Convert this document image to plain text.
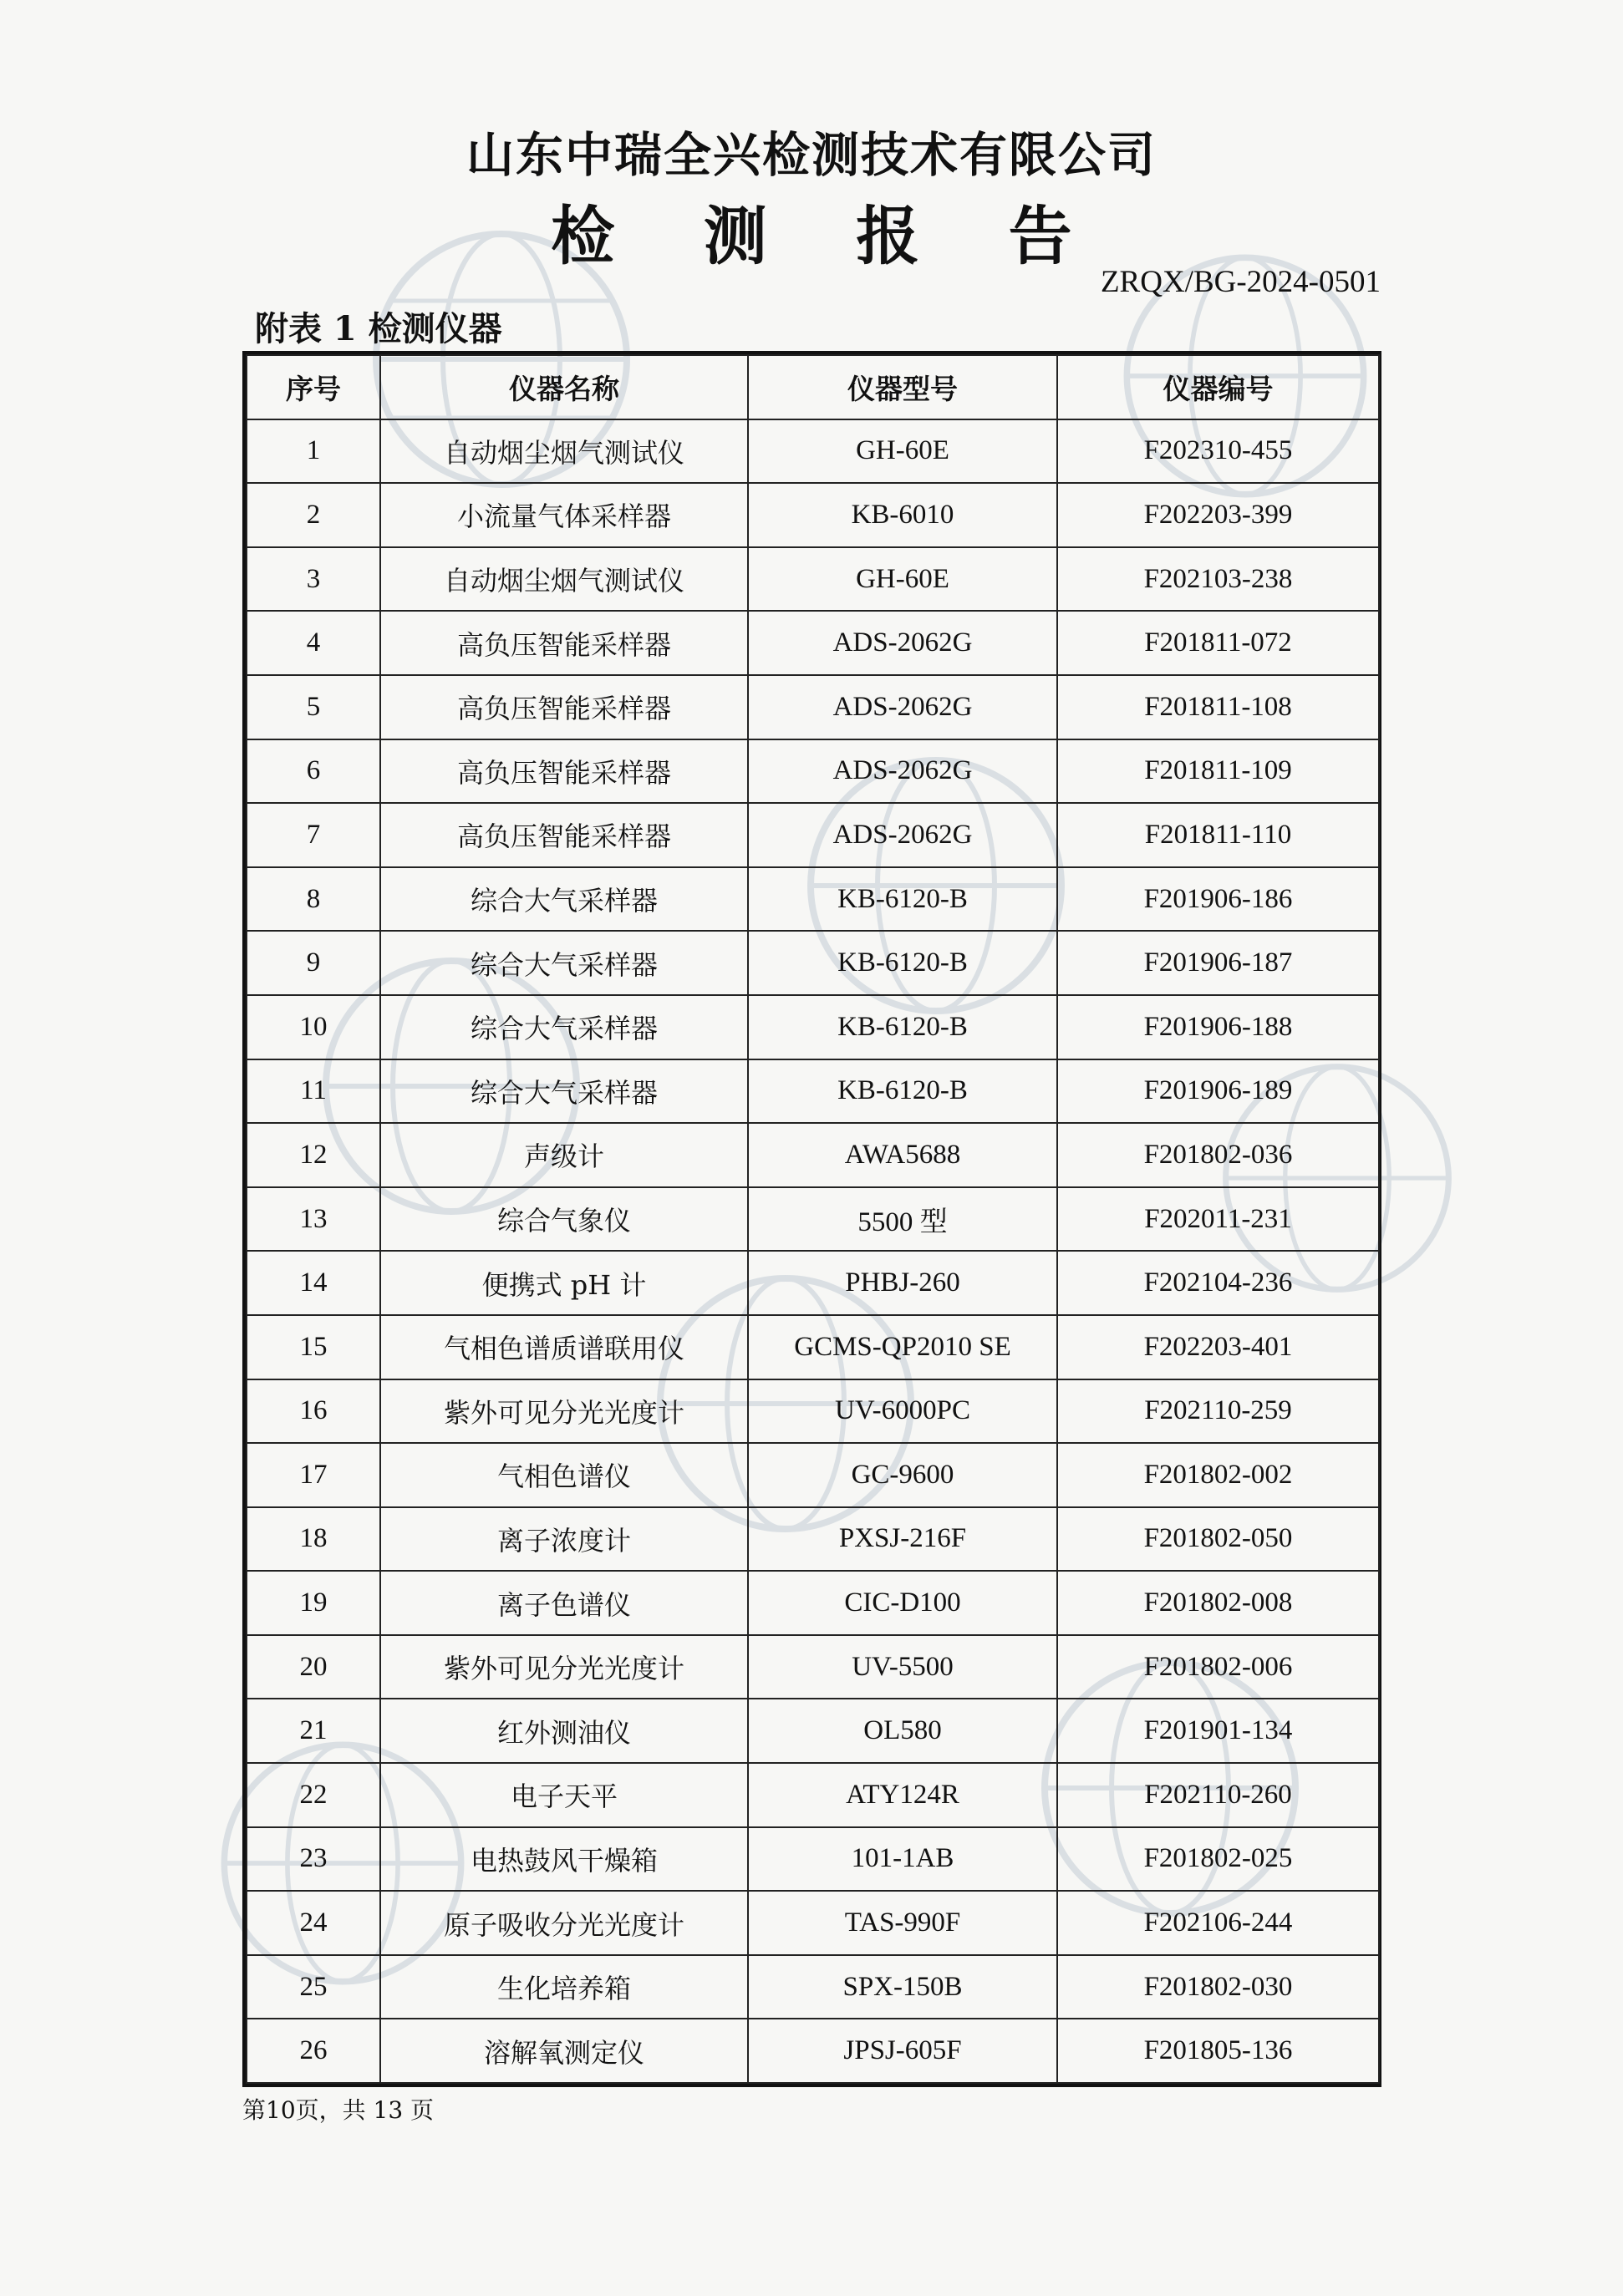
山东中瑞全兴检测技术有限公司
检 测 报 告
ZRQX/BG-2024-0501
附表 1 检测仪器
序号	仪器名称	仪器型号	仪器编号
1	自动烟尘烟气测试仪	GH-60E	F202310-455
2	小流量气体采样器	KB-6010	F202203-399
3	自动烟尘烟气测试仪	GH-60E	F202103-238
4	高负压智能采样器	ADS-2062G	F201811-072
5	高负压智能采样器	ADS-2062G	F201811-108
6	高负压智能采样器	ADS-2062G	F201811-109
7	高负压智能采样器	ADS-2062G	F201811-110
8	综合大气采样器	KB-6120-B	F201906-186
9	综合大气采样器	KB-6120-B	F201906-187
10	综合大气采样器	KB-6120-B	F201906-188
11	综合大气采样器	KB-6120-B	F201906-189
12	声级计	AWA5688	F201802-036
13	综合气象仪	5500 型	F202011-231
14	便携式 pH 计	PHBJ-260	F202104-236
15	气相色谱质谱联用仪	GCMS-QP2010 SE	F202203-401
16	紫外可见分光光度计	UV-6000PC	F202110-259
17	气相色谱仪	GC-9600	F201802-002
18	离子浓度计	PXSJ-216F	F201802-050
19	离子色谱仪	CIC-D100	F201802-008
20	紫外可见分光光度计	UV-5500	F201802-006
21	红外测油仪	OL580	F201901-134
22	电子天平	ATY124R	F202110-260
23	电热鼓风干燥箱	101-1AB	F201802-025
24	原子吸收分光光度计	TAS-990F	F202106-244
25	生化培养箱	SPX-150B	F201802-030
26	溶解氧测定仪	JPSJ-605F	F201805-136
第10页，共 13 页
